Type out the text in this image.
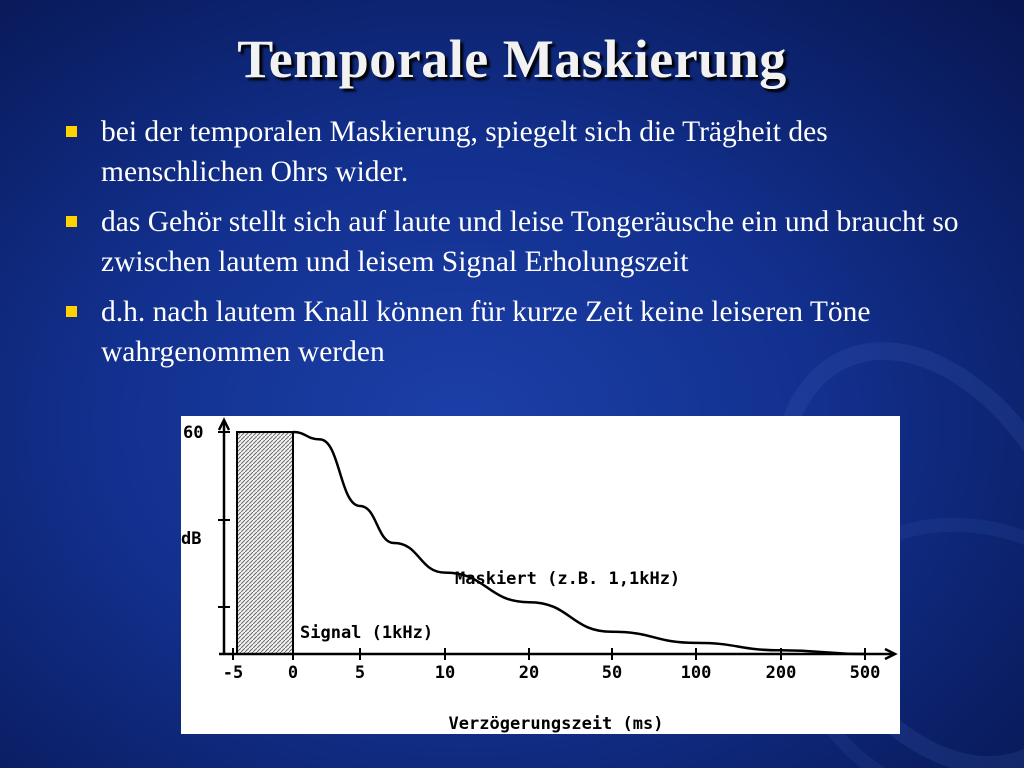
Temporale Maskierung
bei der temporalen Maskierung, spiegelt sich die Trägheit des menschlichen Ohrs wider.
das Gehör stellt sich auf laute und leise Tongeräusche ein und braucht so zwischen lautem und leisem Signal Erholungszeit
d.h. nach lautem Knall können für kurze Zeit keine leiseren Töne wahrgenommen werden
-5	0	5	10	20	50	100	200	500
60
dB
Verzögerungszeit (ms)
Maskiert (z.B. 1,1kHz)
Signal (1kHz)
